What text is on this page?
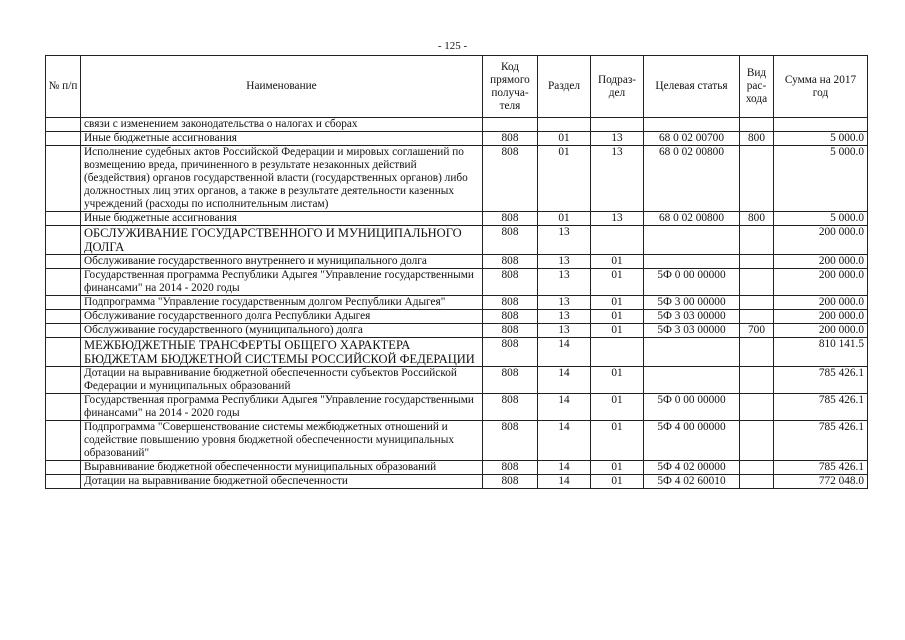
- 125 -
№ п/п	Наименование	Код прямого получа-теля	Раздел	Подраз-дел	Целевая статья	Вид рас-хода	Сумма на 2017 год
	связи с изменением законодательства о налогах и сборах						
	Иные бюджетные ассигнования	808	01	13	68 0 02 00700	800	5 000.0
	Исполнение судебных актов Российской Федерации и мировых соглашений по возмещению вреда, причиненного в результате незаконных действий (бездействия) органов государственной власти (государственных органов) либо должностных лиц этих органов, а также в результате деятельности казенных учреждений (расходы по исполнительным листам)	808	01	13	68 0 02 00800		5 000.0
	Иные бюджетные ассигнования	808	01	13	68 0 02 00800	800	5 000.0
	ОБСЛУЖИВАНИЕ ГОСУДАРСТВЕННОГО И МУНИЦИПАЛЬНОГО ДОЛГА	808	13				200 000.0
	Обслуживание государственного внутреннего и муниципального долга	808	13	01			200 000.0
	Государственная программа Республики Адыгея "Управление государственными финансами" на 2014 - 2020 годы	808	13	01	5Ф 0 00 00000		200 000.0
	Подпрограмма "Управление государственным долгом Республики Адыгея"	808	13	01	5Ф 3 00 00000		200 000.0
	Обслуживание государственного долга Республики Адыгея	808	13	01	5Ф 3 03 00000		200 000.0
	Обслуживание государственного (муниципального) долга	808	13	01	5Ф 3 03 00000	700	200 000.0
	МЕЖБЮДЖЕТНЫЕ ТРАНСФЕРТЫ ОБЩЕГО ХАРАКТЕРА БЮДЖЕТАМ БЮДЖЕТНОЙ СИСТЕМЫ РОССИЙСКОЙ ФЕДЕРАЦИИ	808	14				810 141.5
	Дотации на выравнивание бюджетной обеспеченности субъектов Российской Федерации и муниципальных образований	808	14	01			785 426.1
	Государственная программа Республики Адыгея "Управление государственными финансами" на 2014 - 2020 годы	808	14	01	5Ф 0 00 00000		785 426.1
	Подпрограмма "Совершенствование системы межбюджетных отношений и содействие повышению уровня бюджетной обеспеченности муниципальных образований"	808	14	01	5Ф 4 00 00000		785 426.1
	Выравнивание бюджетной обеспеченности муниципальных образований	808	14	01	5Ф 4 02 00000		785 426.1
	Дотации на выравнивание бюджетной обеспеченности	808	14	01	5Ф 4 02 60010		772 048.0
